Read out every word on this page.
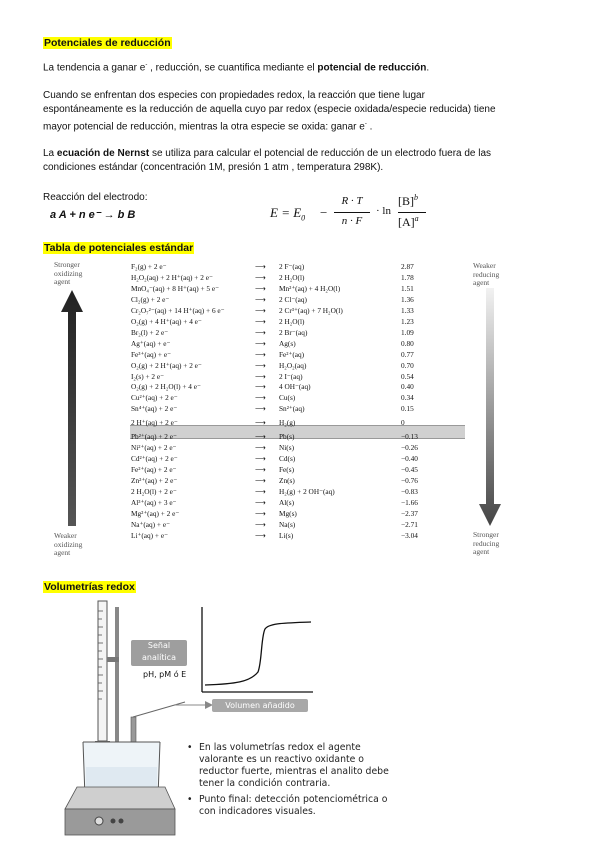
Potenciales de reducción
La tendencia a ganar e- , reducción, se cuantifica mediante el potencial de reducción.
Cuando se enfrentan dos especies con propiedades redox, la reacción que tiene lugar
espontáneamente es la reducción de aquella cuyo par redox (especie oxidada/especie reducida) tiene
mayor potencial de reducción, mientras la otra especie se oxida: ganar e- .
La ecuación de Nernst se utiliza para calcular el potencial de reducción de un electrodo fuera de las
condiciones estándar (concentración 1M, presión 1 atm , temperatura 298K).
Reacción del electrodo:
a A + n e⁻ → b B	$E = E_0$ −
R · T
n · F
· ln
$[B]^b$
$[A]^a$
Tabla de potenciales estándar
Stronger
oxidizing
agent
Weaker
oxidizing
agent
Weaker
reducing
agent
Stronger
reducing
agent
F₂(g) + 2 e⁻	⟶ 2 F⁻(aq)	2.87
H₂O₂(aq) + 2 H⁺(aq) + 2 e⁻	⟶ 2 H₂O(l)	1.78
MnO₄⁻(aq) + 8 H⁺(aq) + 5 e⁻	⟶ Mn²⁺(aq) + 4 H₂O(l)	1.51
Cl₂(g) + 2 e⁻	⟶ 2 Cl⁻(aq)	1.36
Cr₂O₇²⁻(aq) + 14 H⁺(aq) + 6 e⁻	⟶ 2 Cr³⁺(aq) + 7 H₂O(l)	1.33
O₂(g) + 4 H⁺(aq) + 4 e⁻	⟶ 2 H₂O(l)	1.23
Br₂(l) + 2 e⁻	⟶ 2 Br⁻(aq)	1.09
Ag⁺(aq) + e⁻	⟶ Ag(s)	0.80
Fe³⁺(aq) + e⁻	⟶ Fe²⁺(aq)	0.77
O₂(g) + 2 H⁺(aq) + 2 e⁻	⟶ H₂O₂(aq)	0.70
I₂(s) + 2 e⁻	⟶ 2 I⁻(aq)	0.54
O₂(g) + 2 H₂O(l) + 4 e⁻	⟶ 4 OH⁻(aq)	0.40
Cu²⁺(aq) + 2 e⁻	⟶ Cu(s)	0.34
Sn⁴⁺(aq) + 2 e⁻	⟶ Sn²⁺(aq)	0.15
2 H⁺(aq) + 2 e⁻	⟶ H₂(g)	0
Pb²⁺(aq) + 2 e⁻	⟶ Pb(s)	−0.13
Ni²⁺(aq) + 2 e⁻	⟶ Ni(s)	−0.26
Cd²⁺(aq) + 2 e⁻	⟶ Cd(s)	−0.40
Fe²⁺(aq) + 2 e⁻	⟶ Fe(s)	−0.45
Zn²⁺(aq) + 2 e⁻	⟶ Zn(s)	−0.76
2 H₂O(l) + 2 e⁻	⟶ H₂(g) + 2 OH⁻(aq)	−0.83
Al³⁺(aq) + 3 e⁻	⟶ Al(s)	−1.66
Mg²⁺(aq) + 2 e⁻	⟶ Mg(s)	−2.37
Na⁺(aq) + e⁻	⟶ Na(s)	−2.71
Li⁺(aq) + e⁻	⟶ Li(s)	−3.04
Volumetrías redox
Señal
analítica
pH, pM ó E
Volumen añadido
• En las volumetrías redox el agente
valorante es un reactivo oxidante o
reductor fuerte, mientras el analito debe
tener la condición contraria.
• Punto final: detección potenciométrica o
con indicadores visuales.
